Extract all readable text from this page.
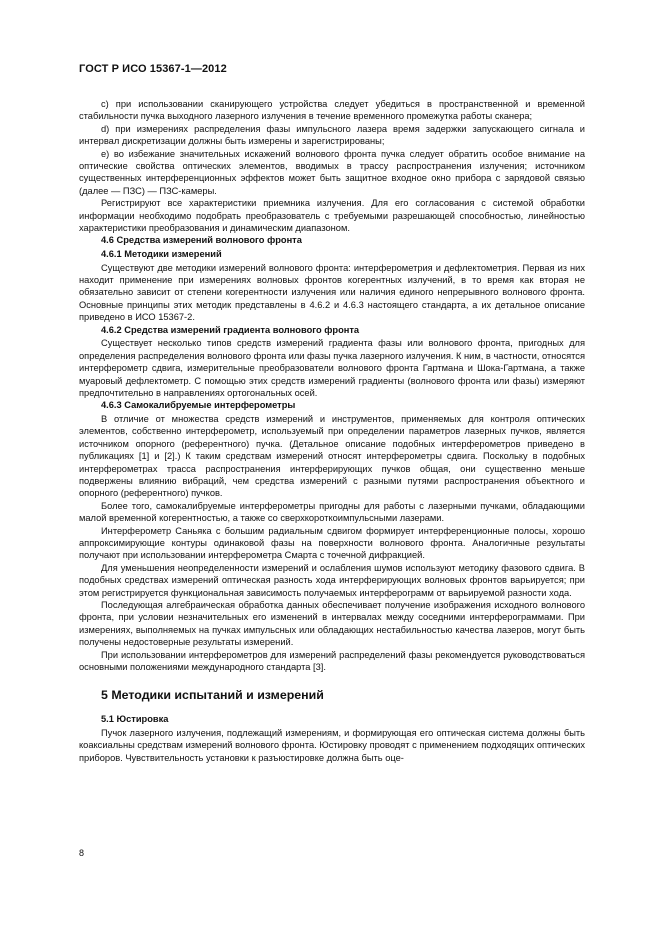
ГОСТ Р ИСО 15367-1—2012

c) при использовании сканирующего устройства следует убедиться в пространственной и временной стабильности пучка выходного лазерного излучения в течение временного промежутка работы сканера;

d) при измерениях распределения фазы импульсного лазера время задержки запускающего сигнала и интервал дискретизации должны быть измерены и зарегистрированы;

e) во избежание значительных искажений волнового фронта пучка следует обратить особое внимание на оптические свойства оптических элементов, вводимых в трассу распространения излучения; источником существенных интерференционных эффектов может быть защитное входное окно прибора с зарядовой связью (далее — ПЗС) — ПЗС-камеры.

Регистрируют все характеристики приемника излучения. Для его согласования с системой обработки информации необходимо подобрать преобразователь с требуемыми разрешающей способностью, линейностью характеристики преобразования и динамическим диапазоном.

4.6 Средства измерений волнового фронта
4.6.1 Методики измерений

Существуют две методики измерений волнового фронта: интерферометрия и дефлектометрия. Первая из них находит применение при измерениях волновых фронтов когерентных излучений, в то время как вторая не обязательно зависит от степени когерентности излучения или наличия единого непрерывного волнового фронта. Основные принципы этих методик представлены в 4.6.2 и 4.6.3 настоящего стандарта, а их детальное описание приведено в ИСО 15367-2.

4.6.2 Средства измерений градиента волнового фронта

Существует несколько типов средств измерений градиента фазы или волнового фронта, пригодных для определения распределения волнового фронта или фазы пучка лазерного излучения. К ним, в частности, относятся интерферометр сдвига, измерительные преобразователи волнового фронта Гартмана и Шока-Гартмана, а также муаровый дефлектометр. С помощью этих средств измерений градиенты (волнового фронта или фазы) измеряют предпочтительно в направлениях ортогональных осей.

4.6.3 Самокалибруемые интерферометры

В отличие от множества средств измерений и инструментов, применяемых для контроля оптических элементов, собственно интерферометр, используемый при определении параметров лазерных пучков, является источником опорного (референтного) пучка. (Детальное описание подобных интерферометров приведено в публикациях [1] и [2].) К таким средствам измерений относят интерферометры сдвига. Поскольку в подобных интерферометрах трасса распространения интерферирующих пучков общая, они существенно меньше подвержены влиянию вибраций, чем средства измерений с разными путями распространения объектного и опорного (референтного) пучков.

Более того, самокалибруемые интерферометры пригодны для работы с лазерными пучками, обладающими малой временной когерентностью, а также со сверхкороткоимпульсными лазерами.

Интерферометр Саньяка с большим радиальным сдвигом формирует интерференционные полосы, хорошо аппроксимирующие контуры одинаковой фазы на поверхности волнового фронта. Аналогичные результаты получают при использовании интерферометра Смарта с точечной дифракцией.

Для уменьшения неопределенности измерений и ослабления шумов используют методику фазового сдвига. В подобных средствах измерений оптическая разность хода интерферирующих волновых фронтов варьируется; при этом регистрируется функциональная зависимость получаемых интерферограмм от варьируемой разности хода.

Последующая алгебраическая обработка данных обеспечивает получение изображения исходного волнового фронта, при условии незначительных его изменений в интервалах между соседними интерферограммами. При измерениях, выполняемых на пучках импульсных или обладающих нестабильностью качества лазеров, могут быть получены недостоверные результаты измерений.

При использовании интерферометров для измерений распределений фазы рекомендуется руководствоваться основными положениями международного стандарта [3].

5 Методики испытаний и измерений
5.1 Юстировка

Пучок лазерного излучения, подлежащий измерениям, и формирующая его оптическая система должны быть коаксиальны средствам измерений волнового фронта. Юстировку проводят с применением подходящих оптических приборов. Чувствительность установки к разъюстировке должна быть оце-

8
